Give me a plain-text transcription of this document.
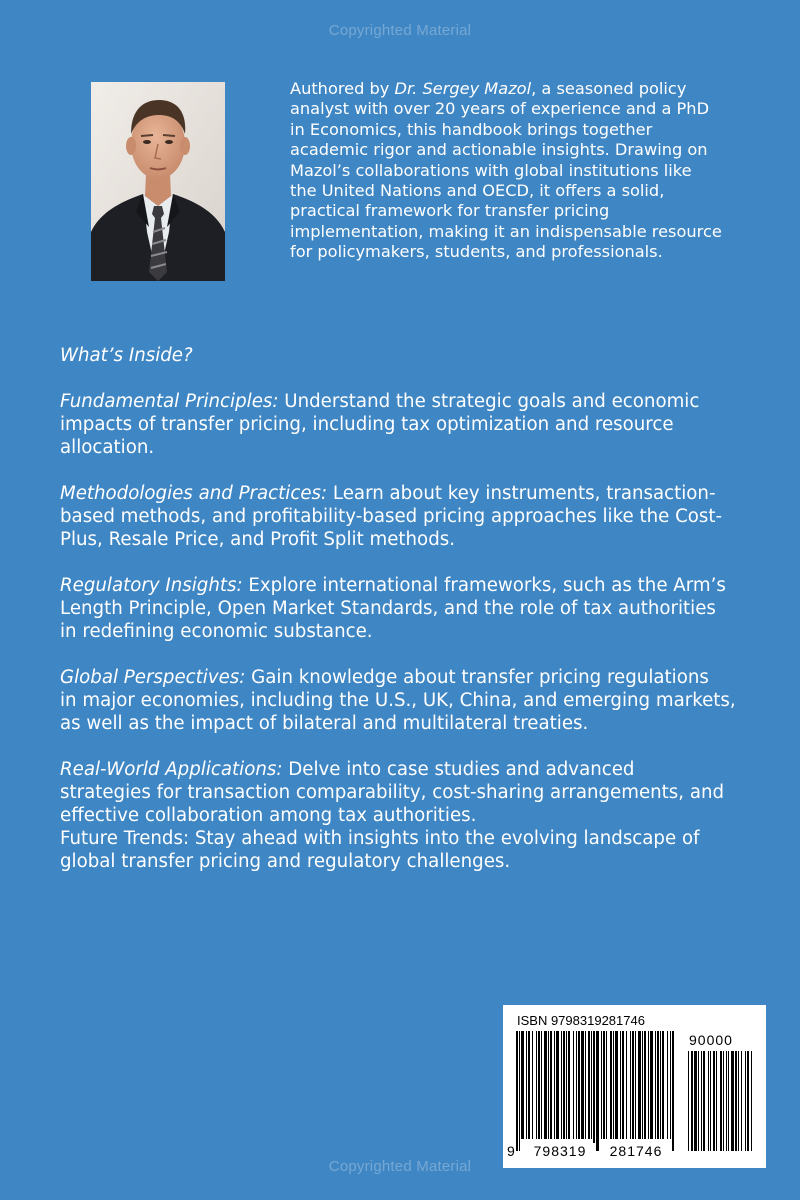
Copyrighted Material
Authored by Dr. Sergey Mazol, a seasoned policy
analyst with over 20 years of experience and a PhD
in Economics, this handbook brings together
academic rigor and actionable insights. Drawing on
Mazol’s collaborations with global institutions like
the United Nations and OECD, it offers a solid,
practical framework for transfer pricing
implementation, making it an indispensable resource
for policymakers, students, and professionals.
What’s Inside?
Fundamental Principles: Understand the strategic goals and economic
impacts of transfer pricing, including tax optimization and resource
allocation.
Methodologies and Practices: Learn about key instruments, transaction-
based methods, and profitability-based pricing approaches like the Cost-
Plus, Resale Price, and Profit Split methods.
Regulatory Insights: Explore international frameworks, such as the Arm’s
Length Principle, Open Market Standards, and the role of tax authorities
in redefining economic substance.
Global Perspectives: Gain knowledge about transfer pricing regulations
in major economies, including the U.S., UK, China, and emerging markets,
as well as the impact of bilateral and multilateral treaties.
Real-World Applications: Delve into case studies and advanced
strategies for transaction comparability, cost-sharing arrangements, and
effective collaboration among tax authorities.
Future Trends: Stay ahead with insights into the evolving landscape of
global transfer pricing and regulatory challenges.
ISBN 9798319281746
90000
9	798319	281746
Copyrighted Material
